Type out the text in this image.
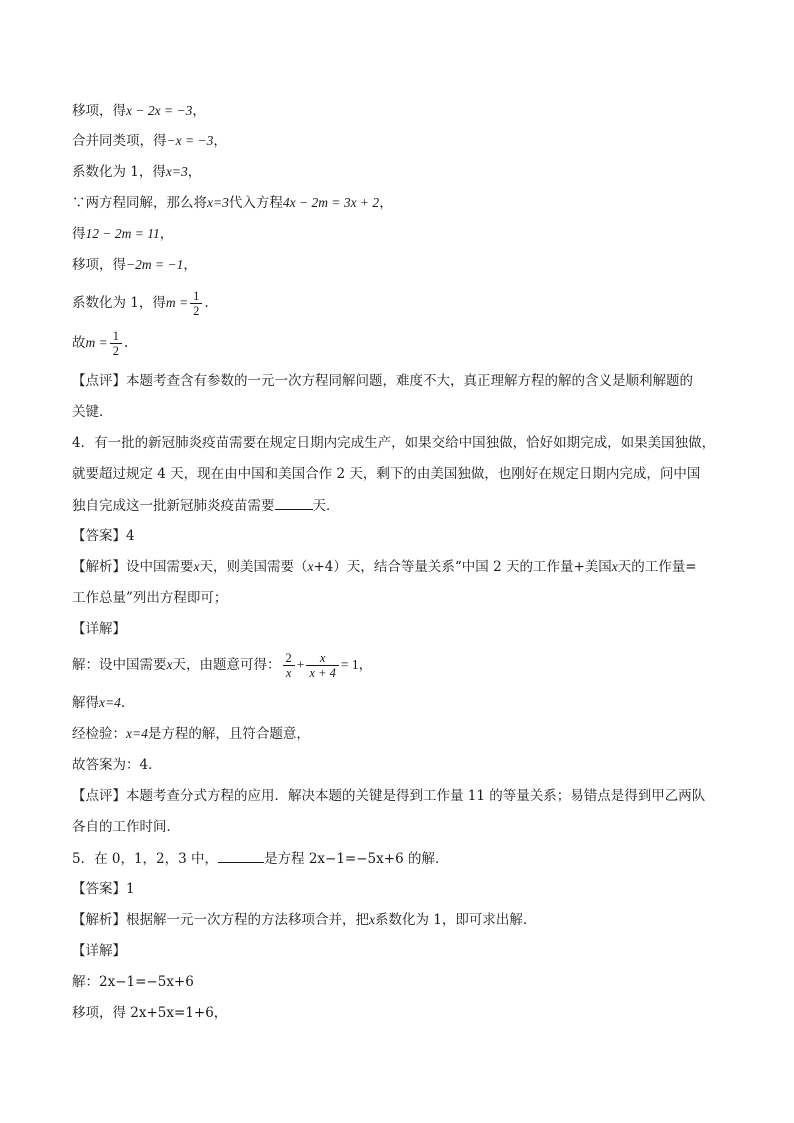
移项，得x − 2x = −3，
合并同类项，得−x = −3，
系数化为 1，得x=3，
∵两方程同解，那么将x=3代入方程4x − 2m = 3x + 2，
得12 − 2m = 11，
移项，得−2m = −1，
系数化为 1，得$m = \frac{1}{2}$ .
故$m = \frac{1}{2}$ .
【点评】本题考查含有参数的一元一次方程同解问题，难度不大，真正理解方程的解的含义是顺利解题的
关键．
4．有一批的新冠肺炎疫苗需要在规定日期内完成生产，如果交给中国独做，恰好如期完成，如果美国独做，
就要超过规定 4 天，现在由中国和美国合作 2 天，剩下的由美国独做，也刚好在规定日期内完成，问中国
独自完成这一批新冠肺炎疫苗需要	天．
【答案】4
【解析】设中国需要x天，则美国需要（x+4）天，结合等量关系“中国 2 天的工作量+美国x天的工作量=
工作总量”列出方程即可；
【详解】
解：设中国需要x天，由题意可得： $\frac{2}{x} + \frac{x}{x + 4} = 1$，
解得x=4.
经检验：x=4是方程的解，且符合题意，
故答案为：4．
【点评】本题考查分式方程的应用．解决本题的关键是得到工作量 11 的等量关系；易错点是得到甲乙两队
各自的工作时间．
5．在 0，1，2，3 中，	是方程 2x−1=−5x+6 的解．
【答案】1
【解析】根据解一元一次方程的方法移项合并，把x系数化为 1，即可求出解．
【详解】
解：2x−1=−5x+6
移项，得 2x+5x=1+6，
